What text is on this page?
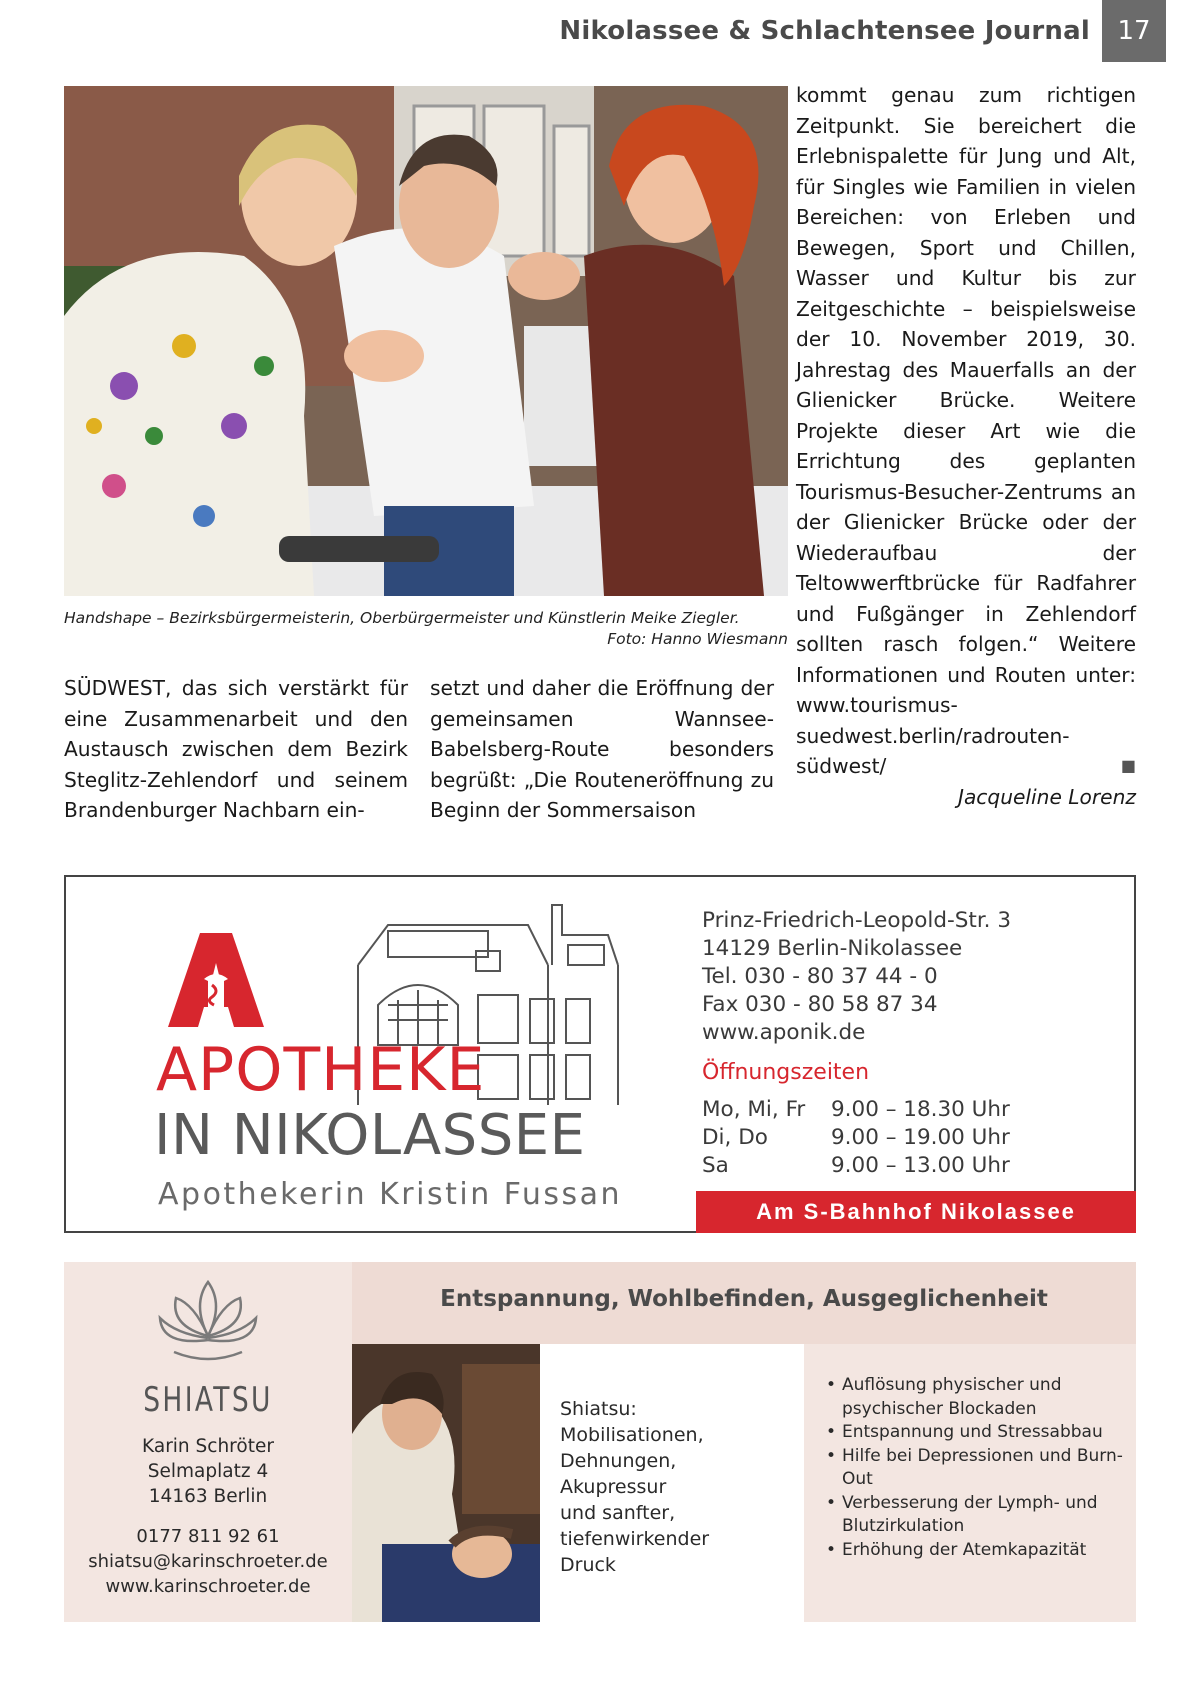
Nikolassee & Schlachtensee Journal	17
Handshape – Bezirksbürgermeisterin, Oberbürgermeister und Künstlerin Meike Ziegler.
Foto: Hanno Wiesmann
SÜDWEST, das sich verstärkt für eine Zusammenarbeit und den Austausch zwischen dem Bezirk Steglitz-Zehlendorf und seinem Brandenburger Nachbarn ein-
setzt und daher die Eröffnung der gemeinsamen Wannsee-Babelsberg-Route besonders begrüßt: „Die Routeneröffnung zu Beginn der Sommersaison
kommt genau zum richtigen Zeitpunkt. Sie bereichert die Erlebnispalette für Jung und Alt, für Singles wie Familien in vielen Bereichen: von Erleben und Bewegen, Sport und Chillen, Wasser und Kultur bis zur Zeitgeschichte – beispielsweise der 10. November 2019, 30. Jahrestag des Mauerfalls an der Glienicker Brücke. Weitere Projekte dieser Art wie die Errichtung des geplanten Tourismus-Besucher-Zentrums an der Glienicker Brücke oder der Wiederaufbau der Teltowwerftbrücke für Radfahrer und Fußgänger in Zehlendorf sollten rasch folgen.“ Weitere Informationen und Routen unter: www.tourismus-suedwest.berlin/radrouten-südwest/	■
Jacqueline Lorenz
APOTHEKE
IN NIKOLASSEE
Apothekerin Kristin Fussan
Prinz-Friedrich-Leopold-Str. 3
14129 Berlin-Nikolassee
Tel. 030 - 80 37 44 - 0
Fax 030 - 80 58 87 34
www.aponik.de
Öffnungszeiten
Mo, Mi, Fr	9.00 – 18.30 Uhr
Di, Do	9.00 – 19.00 Uhr
Sa	9.00 – 13.00 Uhr
Am S-Bahnhof Nikolassee
SHIATSU
Karin Schröter
Selmaplatz 4
14163 Berlin
0177 811 92 61
shiatsu@karinschroeter.de
www.karinschroeter.de
Entspannung, Wohlbefinden, Ausgeglichenheit
Shiatsu:
Mobilisationen,
Dehnungen,
Akupressur
und sanfter,
tiefenwirkender
Druck
• Auflösung physischer und psychischer Blockaden
• Entspannung und Stressabbau
• Hilfe bei Depressionen und Burn-Out
• Verbesserung der Lymph- und Blutzirkulation
• Erhöhung der Atemkapazität
